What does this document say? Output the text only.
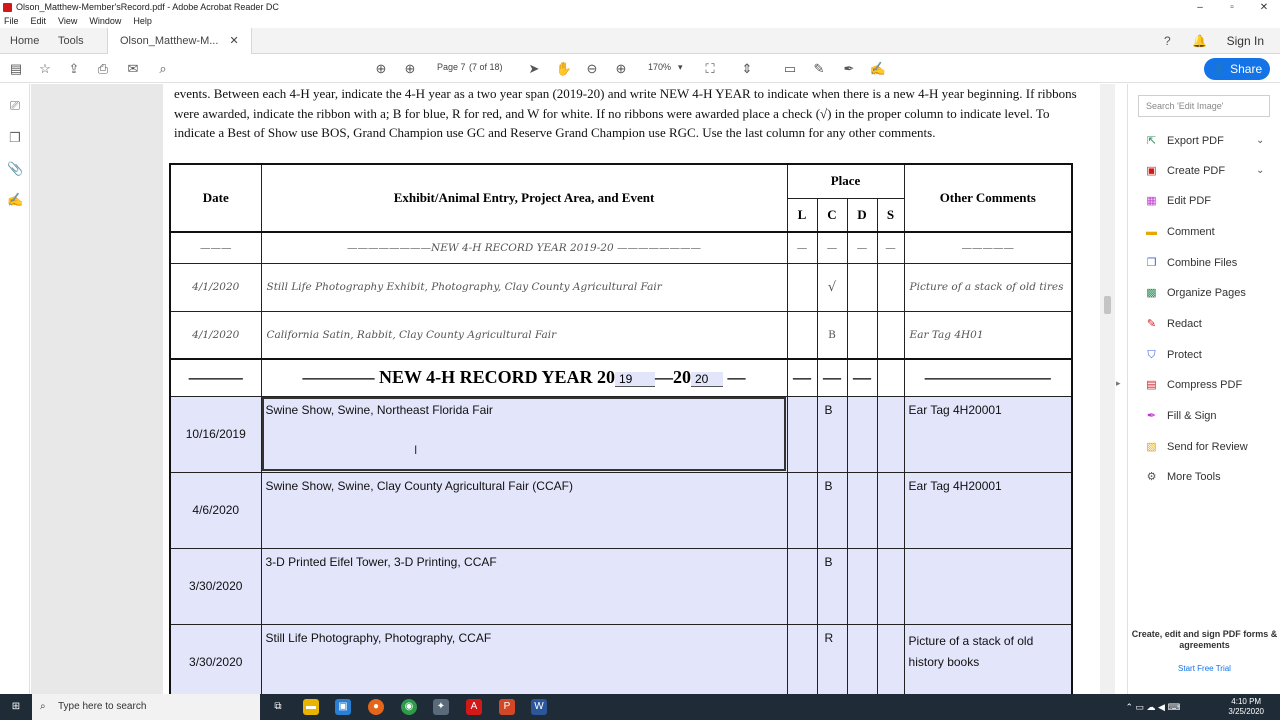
Olson_Matthew-Member'sRecord.pdf - Adobe Acrobat Reader DC	–	▫	✕
File Edit View Window Help
Home Tools	Olson_Matthew-M... ✕	? 🔔 Sign In
▤ ☆ ⇪ ⎙ ✉	⌕	⊕ ⊕	Page 7 (7 of 18) ➤ ✋ ⊖ ⊕	170% ▾	⛶	⇕ ▭ ✎ ✒ ✍	👤 Share
⎚
❐
📎
✍
events. Between each 4-H year, indicate the 4-H year as a two year span (2019-20) and write NEW 4-H YEAR to indicate when there is a new 4-H year beginning. If ribbons were awarded, indicate the ribbon with a; B for blue, R for red, and W for white. If no ribbons were awarded place a check (√) in the proper column to indicate level. To indicate a Best of Show use BOS, Grand Champion use GC and Reserve Grand Champion use RGC. Use the last column for any other comments.
Date	Exhibit/Animal Entry, Project Area, and Event	Place				Other Comments
		L	C	D	S	
———	————————NEW 4-H RECORD YEAR 2019-20 ————————	—	—	—	—	—————
4/1/2020	Still Life Photography Exhibit, Photography, Clay County Agricultural Fair		√			Picture of a stack of old tires
4/1/2020	California Satin, Rabbit, Clay County Agricultural Fair		B			Ear Tag 4H01
———	———— NEW 4-H RECORD YEAR 20 19 —20 20 —	—	—	—		———————
10/16/2019	Swine Show, Swine, Northeast Florida Fair		B			Ear Tag 4H20001
4/6/2020	Swine Show, Swine, Clay County Agricultural Fair (CCAF)		B			Ear Tag 4H20001
3/30/2020	3-D Printed Eifel Tower, 3-D Printing, CCAF		B			
3/30/2020	Still Life Photography, Photography, CCAF		R			Picture of a stack of old history books
I
▸
Search 'Edit Image'
⇱ Export PDF	⌄
▣ Create PDF	⌄
▦ Edit PDF
▬ Comment
❐ Combine Files
▩ Organize Pages
✎ Redact
⛉ Protect
▤ Compress PDF
✒ Fill & Sign
▧ Send for Review
⚙ More Tools
Create, edit and sign PDF forms & agreements
Start Free Trial
⊞	⌕ Type here to search	⧉	▬	▣	●	◉	✦	A	P	W	⌃ ▭ ☁ ◀ ⌨
4:10 PM
3/25/2020
